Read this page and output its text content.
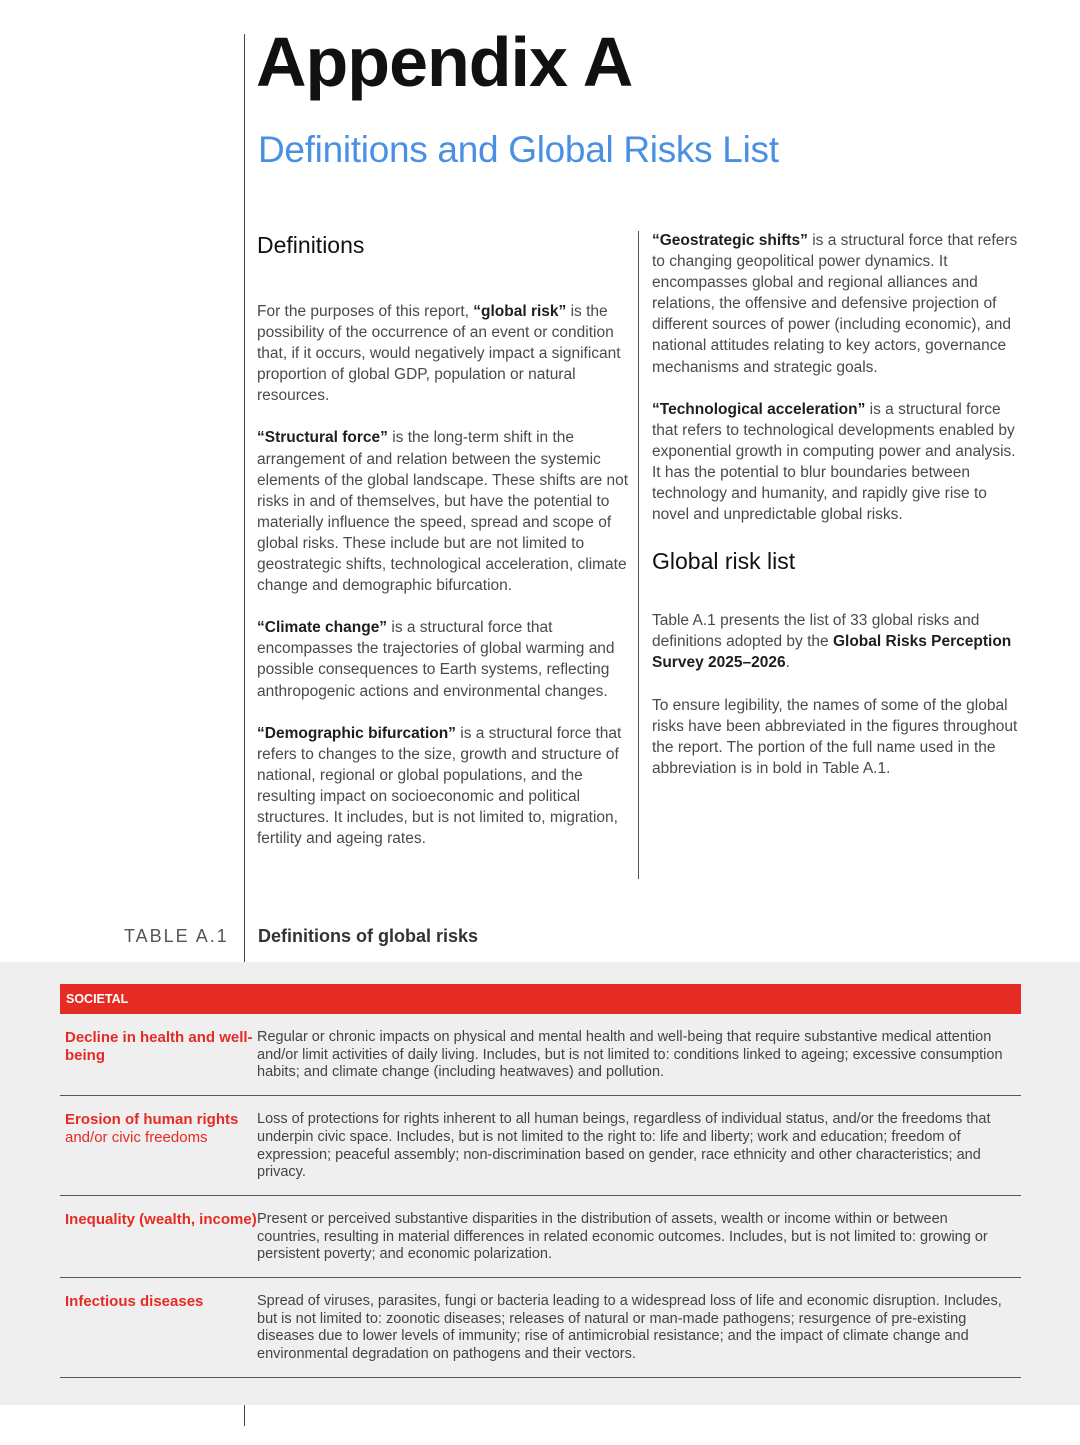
Appendix A
Definitions and Global Risks List
Definitions

For the purposes of this report, “global risk” is the possibility of the occurrence of an event or condition that, if it occurs, would negatively impact a significant proportion of global GDP, population or natural resources.

“Structural force” is the long-term shift in the arrangement of and relation between the systemic elements of the global landscape. These shifts are not risks in and of themselves, but have the potential to materially influence the speed, spread and scope of global risks. These include but are not limited to geostrategic shifts, technological acceleration, climate change and demographic bifurcation.

“Climate change” is a structural force that encompasses the trajectories of global warming and possible consequences to Earth systems, reflecting anthropogenic actions and environmental changes.

“Demographic bifurcation” is a structural force that refers to changes to the size, growth and structure of national, regional or global populations, and the resulting impact on socioeconomic and political structures. It includes, but is not limited to, migration, fertility and ageing rates.

“Geostrategic shifts” is a structural force that refers to changing geopolitical power dynamics. It encompasses global and regional alliances and relations, the offensive and defensive projection of different sources of power (including economic), and national attitudes relating to key actors, governance mechanisms and strategic goals.

“Technological acceleration” is a structural force that refers to technological developments enabled by exponential growth in computing power and analysis. It has the potential to blur boundaries between technology and humanity, and rapidly give rise to novel and unpredictable global risks.

Global risk list

Table A.1 presents the list of 33 global risks and definitions adopted by the Global Risks Perception Survey 2025–2026.

To ensure legibility, the names of some of the global risks have been abbreviated in the figures throughout the report. The portion of the full name used in the abbreviation is in bold in Table A.1.

TABLE A.1 Definitions of global risks
SOCIETAL
Decline in health and well-being
Regular or chronic impacts on physical and mental health and well-being that require substantive medical attention and/or limit activities of daily living. Includes, but is not limited to: conditions linked to ageing; excessive consumption habits; and climate change (including heatwaves) and pollution.
Erosion of human rights
and/or civic freedoms
Loss of protections for rights inherent to all human beings, regardless of individual status, and/or the freedoms that underpin civic space. Includes, but is not limited to the right to: life and liberty; work and education; freedom of expression; peaceful assembly; non-discrimination based on gender, race ethnicity and other characteristics; and privacy.
Inequality (wealth, income) Present or perceived substantive disparities in the distribution of assets, wealth or income within or between countries, resulting in material differences in related economic outcomes. Includes, but is not limited to: growing or persistent poverty; and economic polarization.
Infectious diseases	Spread of viruses, parasites, fungi or bacteria leading to a widespread loss of life and economic disruption. Includes, but is not limited to: zoonotic diseases; releases of natural or man-made pathogens; resurgence of pre-existing diseases due to lower levels of immunity; rise of antimicrobial resistance; and the impact of climate change and environmental degradation on pathogens and their vectors.
